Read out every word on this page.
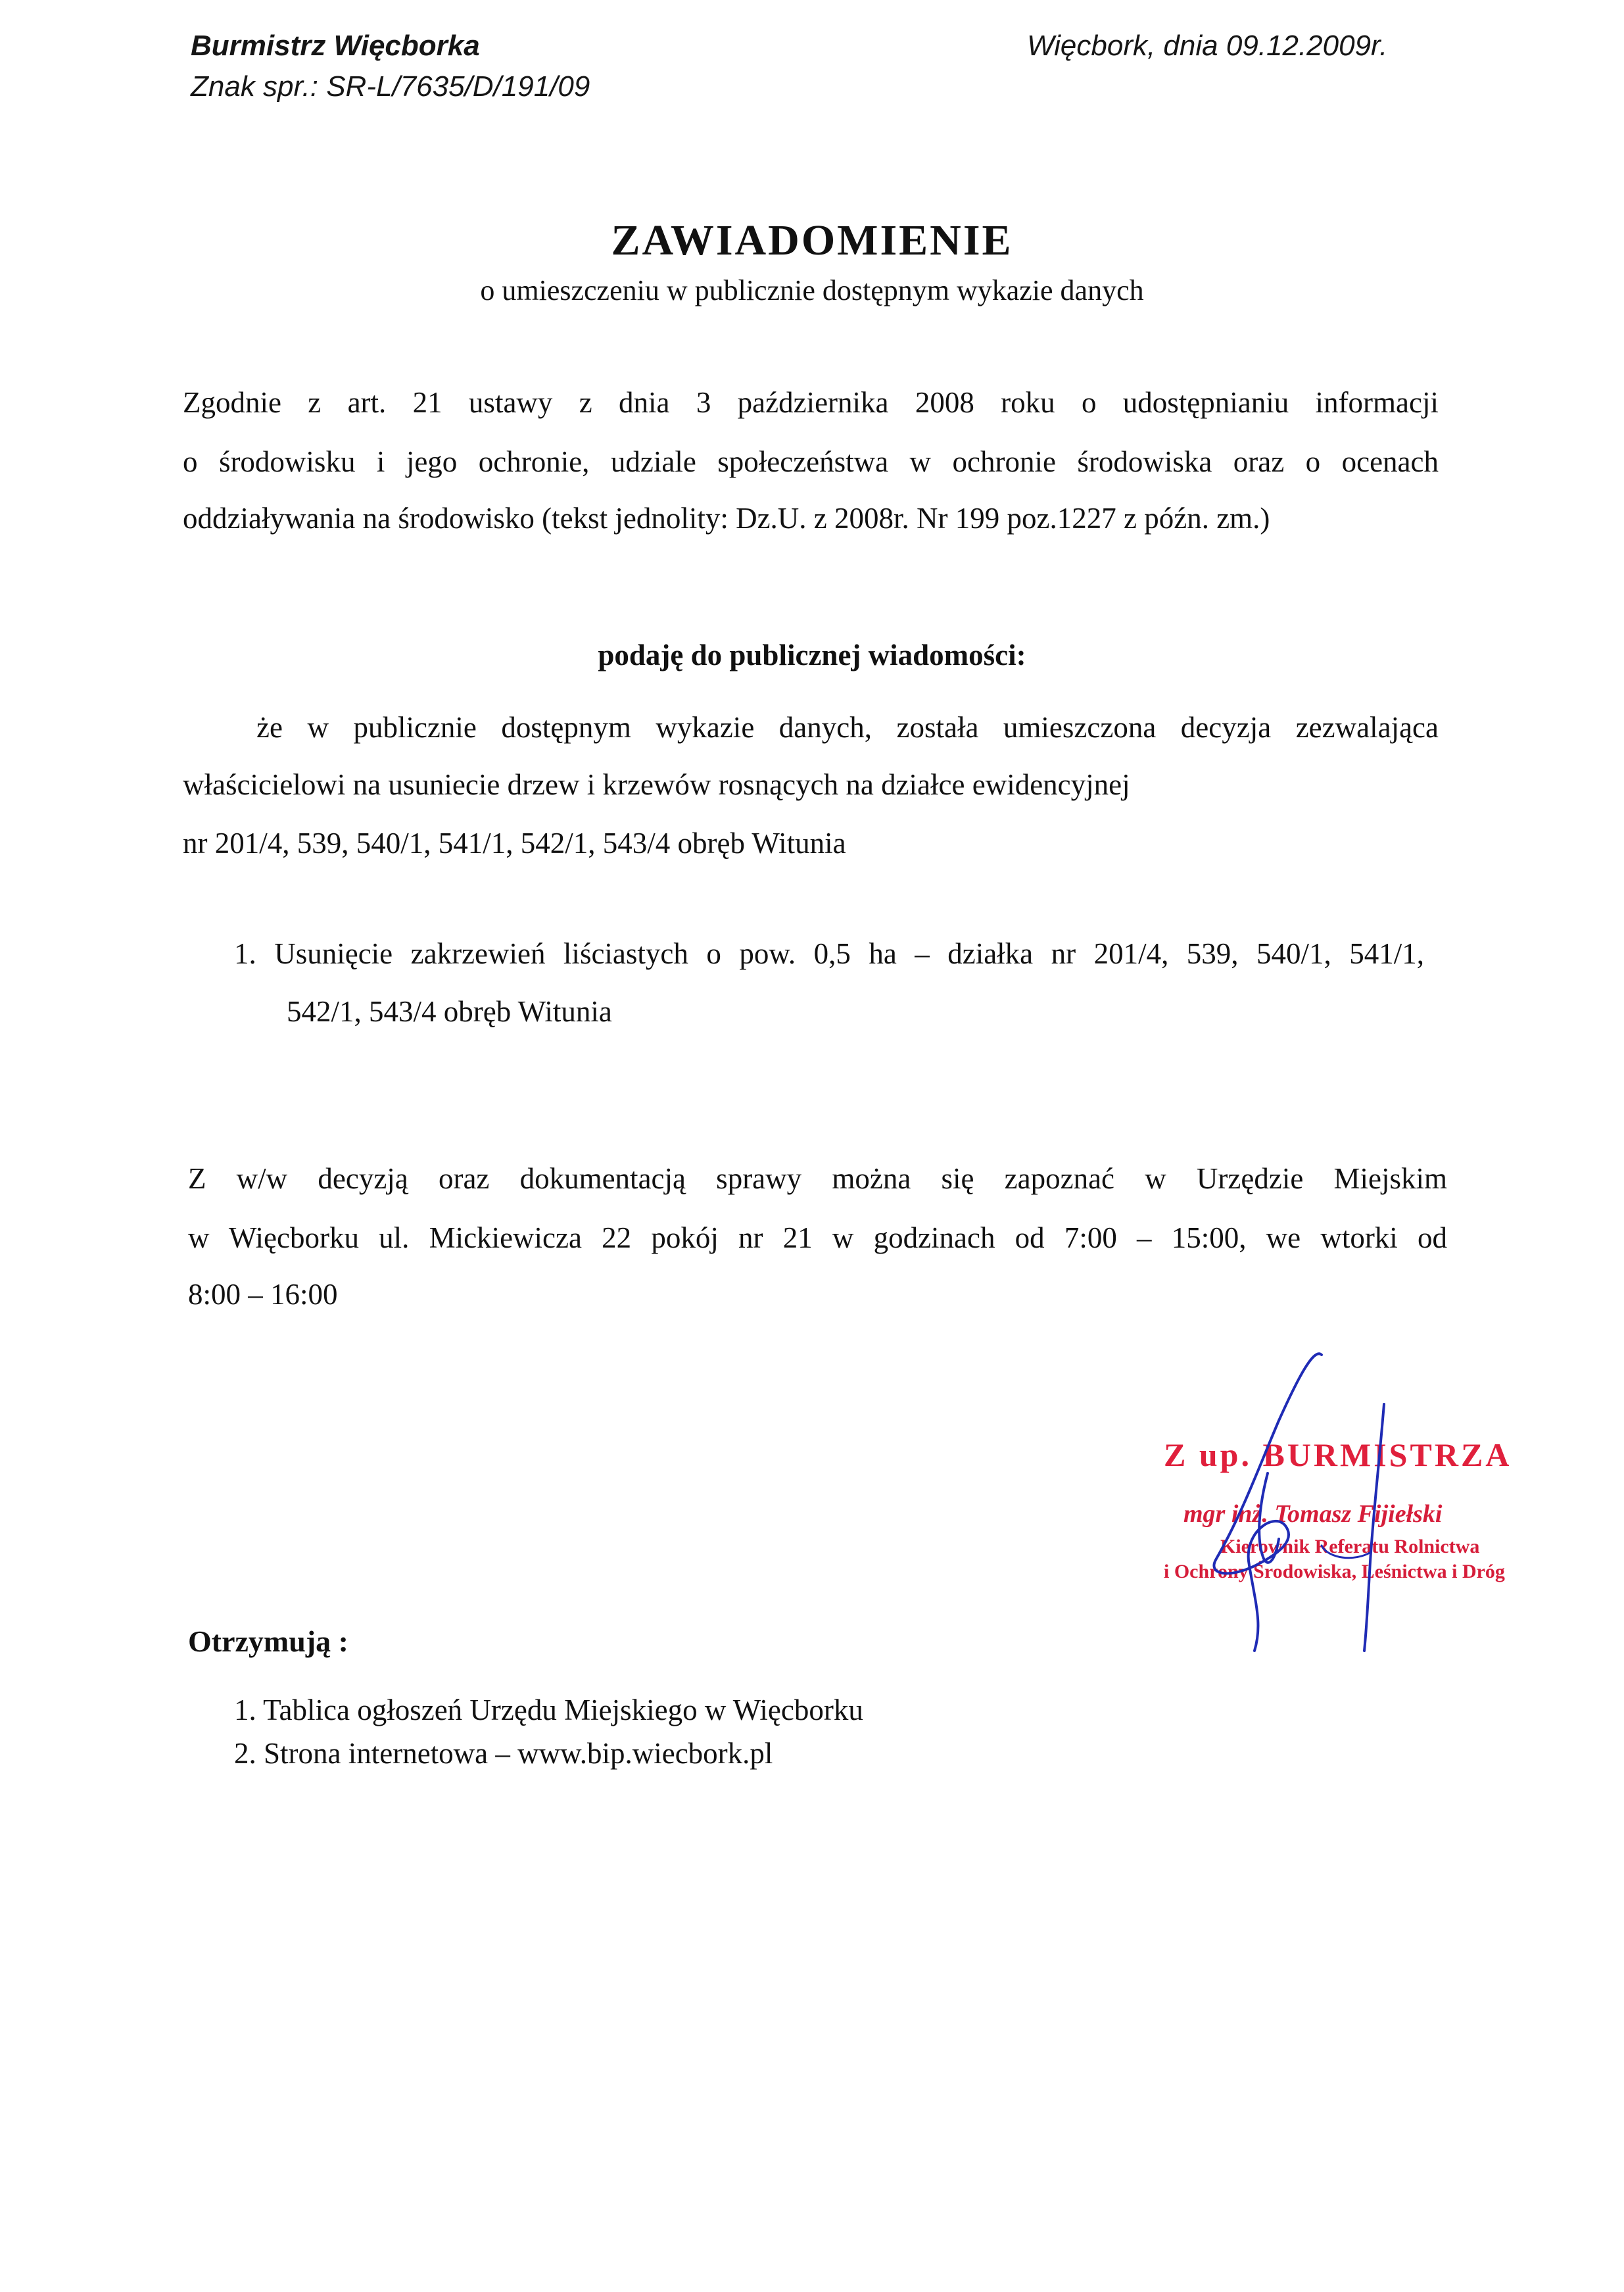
Burmistrz Więcborka
Znak spr.: SR-L/7635/D/191/09
Więcbork, dnia 09.12.2009r.
ZAWIADOMIENIE
o umieszczeniu w publicznie dostępnym wykazie danych
Zgodnie z art. 21 ustawy z dnia 3 października 2008 roku o udostępnianiu informacji
o środowisku i jego ochronie, udziale społeczeństwa w ochronie środowiska oraz o ocenach
oddziaływania na środowisko (tekst jednolity: Dz.U. z 2008r. Nr 199 poz.1227 z późn. zm.)
podaję do publicznej wiadomości:
że w publicznie dostępnym wykazie danych, została umieszczona decyzja zezwalająca
właścicielowi na usuniecie drzew i krzewów rosnących na działce ewidencyjnej
nr 201/4, 539, 540/1, 541/1, 542/1, 543/4 obręb Witunia
1. Usunięcie zakrzewień liściastych o pow. 0,5 ha – działka nr 201/4, 539, 540/1, 541/1,
542/1, 543/4 obręb Witunia
Z w/w decyzją oraz dokumentacją sprawy można się zapoznać w Urzędzie Miejskim
w Więcborku ul. Mickiewicza 22 pokój nr 21 w godzinach od 7:00 – 15:00, we wtorki od
8:00 – 16:00
Z up. BURMISTRZA
mgr inż. Tomasz Fijiełski
Kierownik Referatu Rolnictwa
i Ochrony Środowiska, Leśnictwa i Dróg
Otrzymują :
1. Tablica ogłoszeń Urzędu Miejskiego w Więcborku
2. Strona internetowa – www.bip.wiecbork.pl
